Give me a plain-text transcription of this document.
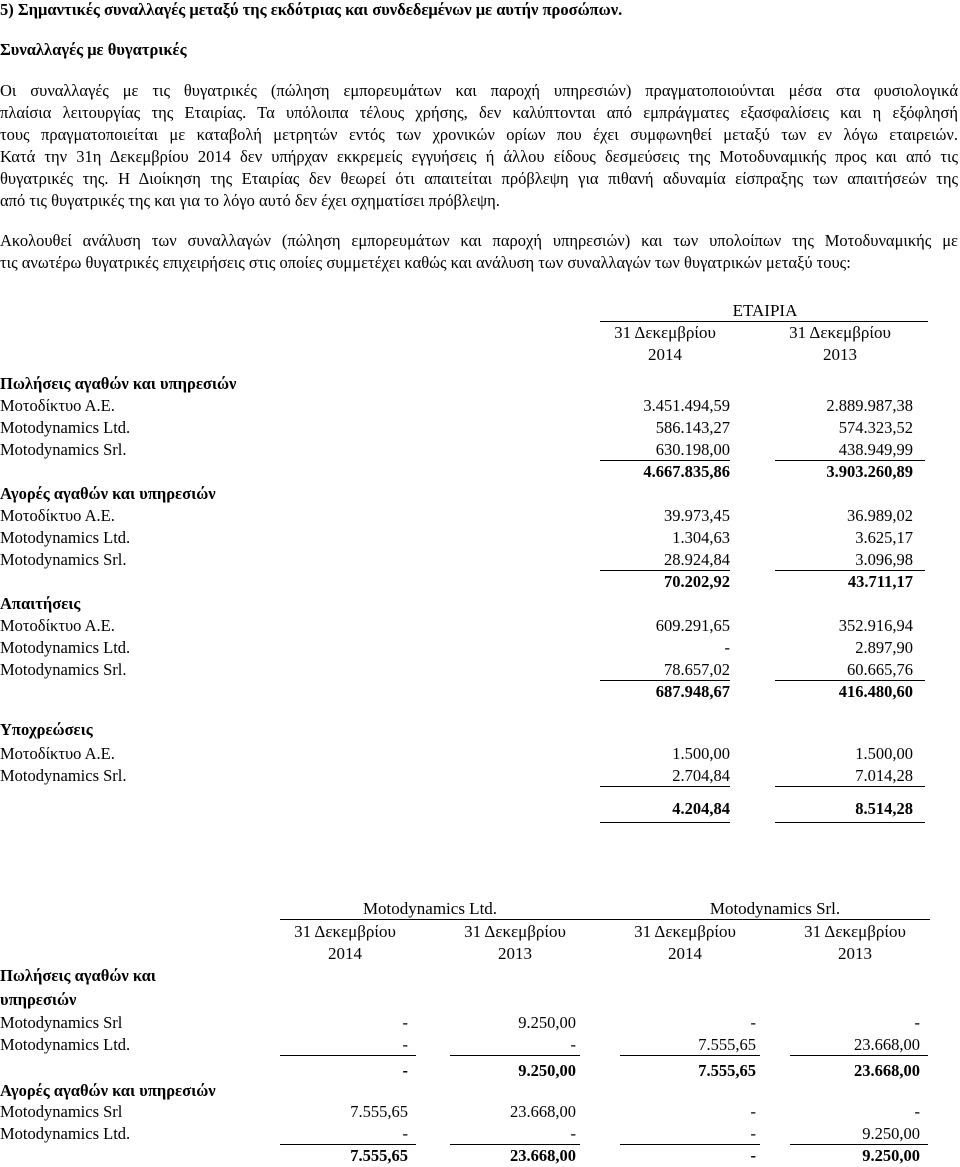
5) Σημαντικές συναλλαγές μεταξύ της εκδότριας και συνδεδεμένων με αυτήν προσώπων.
Συναλλαγές με θυγατρικές
Οι συναλλαγές με τις θυγατρικές (πώληση εμπορευμάτων και παροχή υπηρεσιών) πραγματοποιούνται μέσα στα φυσιολογικά
πλαίσια λειτουργίας της Εταιρίας. Τα υπόλοιπα τέλους χρήσης, δεν καλύπτονται από εμπράγματες εξασφαλίσεις και η εξόφλησή
τους πραγματοποιείται με καταβολή μετρητών εντός των χρονικών ορίων που έχει συμφωνηθεί μεταξύ των εν λόγω εταιρειών.
Κατά την 31η Δεκεμβρίου 2014 δεν υπήρχαν εκκρεμείς εγγυήσεις ή άλλου είδους δεσμεύσεις της Μοτοδυναμικής προς και από τις
θυγατρικές της. Η Διοίκηση της Εταιρίας δεν θεωρεί ότι απαιτείται πρόβλεψη για πιθανή αδυναμία είσπραξης των απαιτήσεών της
από τις θυγατρικές της και για το λόγο αυτό δεν έχει σχηματίσει πρόβλεψη.
Ακολουθεί ανάλυση των συναλλαγών (πώληση εμπορευμάτων και παροχή υπηρεσιών) και των υπολοίπων της Μοτοδυναμικής με
τις ανωτέρω θυγατρικές επιχειρήσεις στις οποίες συμμετέχει καθώς και ανάλυση των συναλλαγών των θυγατρικών μεταξύ τους:
ΕΤΑΙΡΙΑ
31 Δεκεμβρίου
2014
31 Δεκεμβρίου
2013
Πωλήσεις αγαθών και υπηρεσιών
Μοτοδίκτυο Α.Ε.	3.451.494,59	2.889.987,38
Motodynamics Ltd.	586.143,27	574.323,52
Motodynamics Srl.	630.198,00	438.949,99
4.667.835,86	3.903.260,89
Αγορές αγαθών και υπηρεσιών
Μοτοδίκτυο Α.Ε.	39.973,45	36.989,02
Motodynamics Ltd.	1.304,63	3.625,17
Motodynamics Srl.	28.924,84	3.096,98
70.202,92	43.711,17
Απαιτήσεις
Μοτοδίκτυο Α.Ε.	609.291,65	352.916,94
Motodynamics Ltd.	-	2.897,90
Motodynamics Srl.	78.657,02	60.665,76
687.948,67	416.480,60
Υποχρεώσεις
Μοτοδίκτυο Α.Ε.	1.500,00	1.500,00
Motodynamics Srl.	2.704,84	7.014,28
4.204,84	8.514,28
Motodynamics Ltd.	Motodynamics Srl.
31 Δεκεμβρίου
2014
31 Δεκεμβρίου
2013
31 Δεκεμβρίου
2014
31 Δεκεμβρίου
2013
Πωλήσεις αγαθών και
υπηρεσιών
Motodynamics Srl	-	9.250,00	-	-
Motodynamics Ltd.	-	-	7.555,65	23.668,00
-	9.250,00	7.555,65	23.668,00
Αγορές αγαθών και υπηρεσιών
Motodynamics Srl	7.555,65	23.668,00	-	-
Motodynamics Ltd.	-	-	-	9.250,00
7.555,65	23.668,00	-	9.250,00
